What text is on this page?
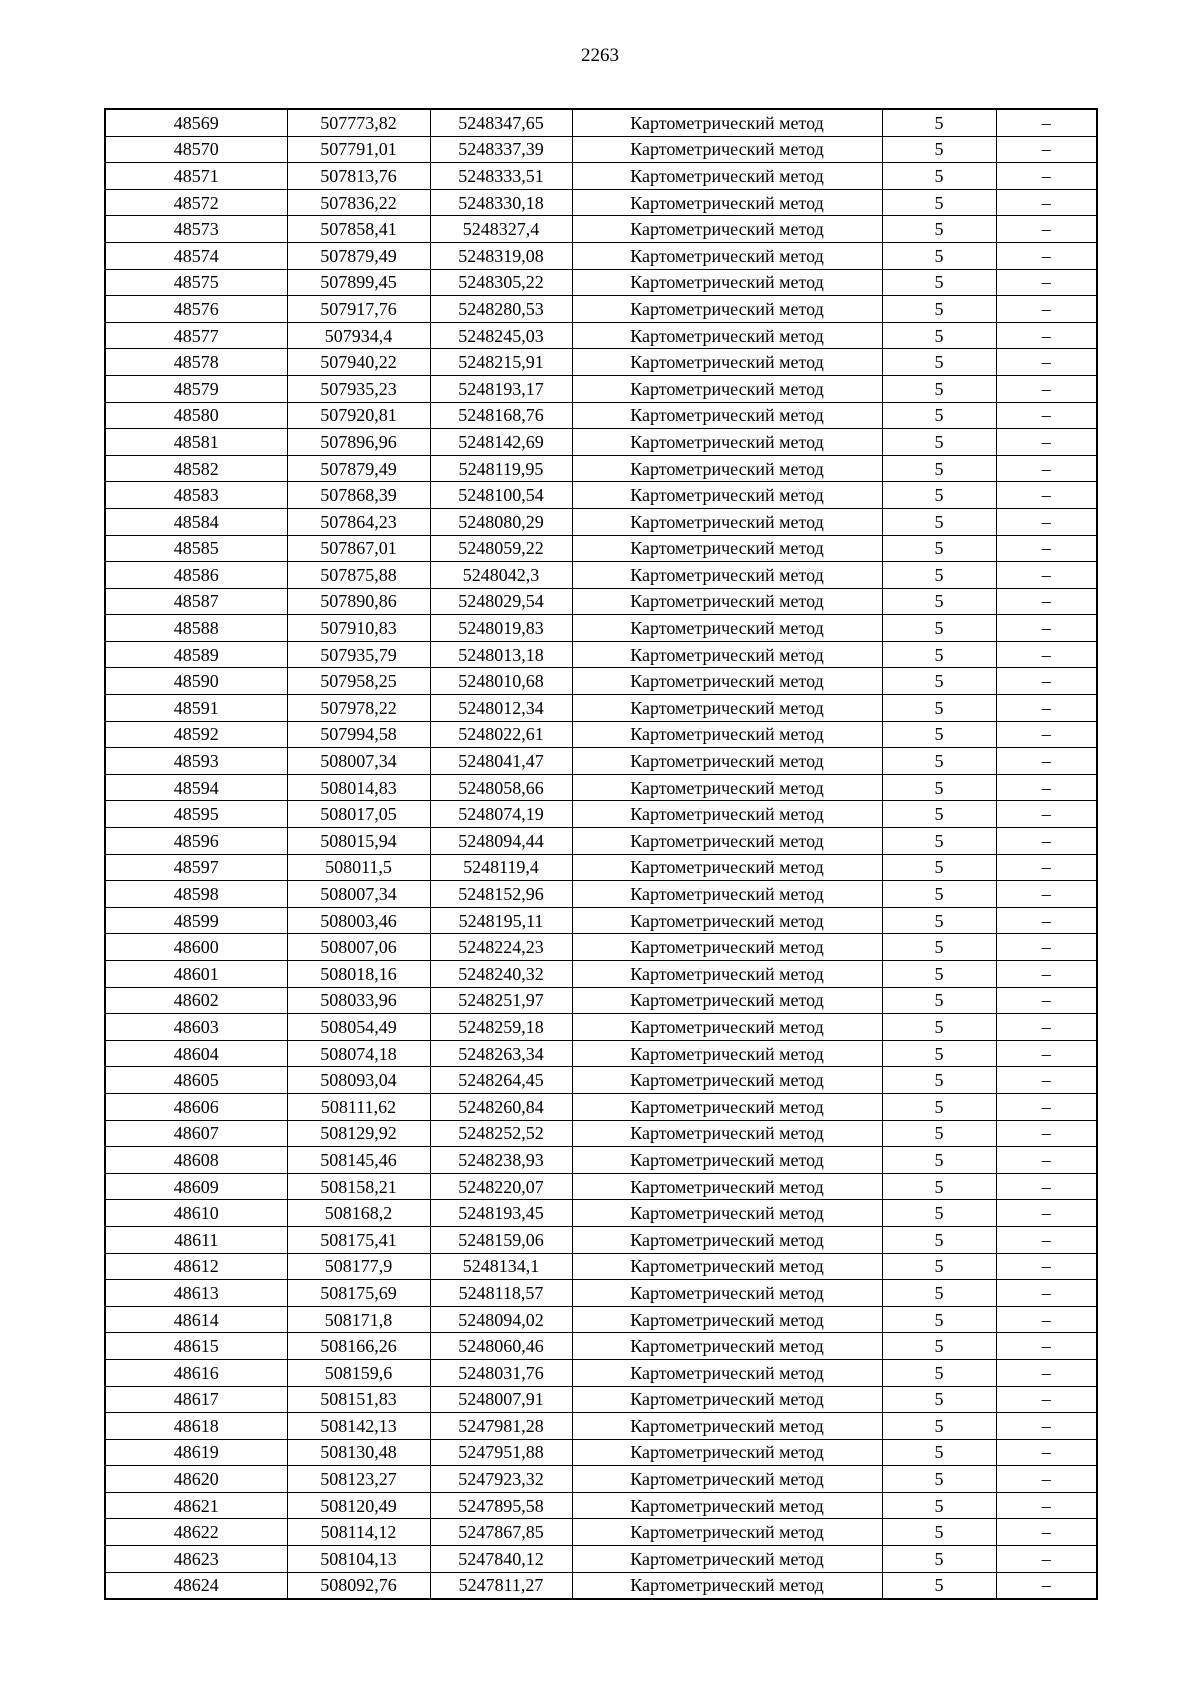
2263
48569	507773,82	5248347,65	Картометрический метод	5	–
48570	507791,01	5248337,39	Картометрический метод	5	–
48571	507813,76	5248333,51	Картометрический метод	5	–
48572	507836,22	5248330,18	Картометрический метод	5	–
48573	507858,41	5248327,4	Картометрический метод	5	–
48574	507879,49	5248319,08	Картометрический метод	5	–
48575	507899,45	5248305,22	Картометрический метод	5	–
48576	507917,76	5248280,53	Картометрический метод	5	–
48577	507934,4	5248245,03	Картометрический метод	5	–
48578	507940,22	5248215,91	Картометрический метод	5	–
48579	507935,23	5248193,17	Картометрический метод	5	–
48580	507920,81	5248168,76	Картометрический метод	5	–
48581	507896,96	5248142,69	Картометрический метод	5	–
48582	507879,49	5248119,95	Картометрический метод	5	–
48583	507868,39	5248100,54	Картометрический метод	5	–
48584	507864,23	5248080,29	Картометрический метод	5	–
48585	507867,01	5248059,22	Картометрический метод	5	–
48586	507875,88	5248042,3	Картометрический метод	5	–
48587	507890,86	5248029,54	Картометрический метод	5	–
48588	507910,83	5248019,83	Картометрический метод	5	–
48589	507935,79	5248013,18	Картометрический метод	5	–
48590	507958,25	5248010,68	Картометрический метод	5	–
48591	507978,22	5248012,34	Картометрический метод	5	–
48592	507994,58	5248022,61	Картометрический метод	5	–
48593	508007,34	5248041,47	Картометрический метод	5	–
48594	508014,83	5248058,66	Картометрический метод	5	–
48595	508017,05	5248074,19	Картометрический метод	5	–
48596	508015,94	5248094,44	Картометрический метод	5	–
48597	508011,5	5248119,4	Картометрический метод	5	–
48598	508007,34	5248152,96	Картометрический метод	5	–
48599	508003,46	5248195,11	Картометрический метод	5	–
48600	508007,06	5248224,23	Картометрический метод	5	–
48601	508018,16	5248240,32	Картометрический метод	5	–
48602	508033,96	5248251,97	Картометрический метод	5	–
48603	508054,49	5248259,18	Картометрический метод	5	–
48604	508074,18	5248263,34	Картометрический метод	5	–
48605	508093,04	5248264,45	Картометрический метод	5	–
48606	508111,62	5248260,84	Картометрический метод	5	–
48607	508129,92	5248252,52	Картометрический метод	5	–
48608	508145,46	5248238,93	Картометрический метод	5	–
48609	508158,21	5248220,07	Картометрический метод	5	–
48610	508168,2	5248193,45	Картометрический метод	5	–
48611	508175,41	5248159,06	Картометрический метод	5	–
48612	508177,9	5248134,1	Картометрический метод	5	–
48613	508175,69	5248118,57	Картометрический метод	5	–
48614	508171,8	5248094,02	Картометрический метод	5	–
48615	508166,26	5248060,46	Картометрический метод	5	–
48616	508159,6	5248031,76	Картометрический метод	5	–
48617	508151,83	5248007,91	Картометрический метод	5	–
48618	508142,13	5247981,28	Картометрический метод	5	–
48619	508130,48	5247951,88	Картометрический метод	5	–
48620	508123,27	5247923,32	Картометрический метод	5	–
48621	508120,49	5247895,58	Картометрический метод	5	–
48622	508114,12	5247867,85	Картометрический метод	5	–
48623	508104,13	5247840,12	Картометрический метод	5	–
48624	508092,76	5247811,27	Картометрический метод	5	–
